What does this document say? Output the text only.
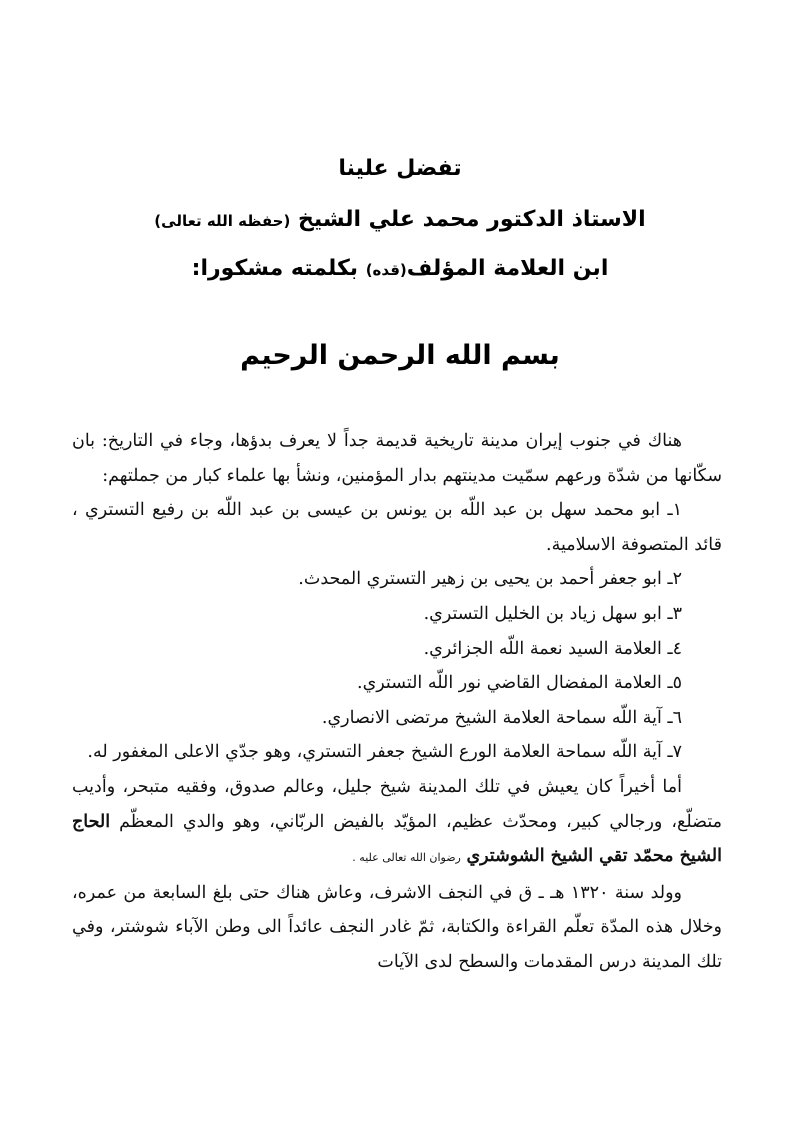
تفضل علينا
الاستاذ الدكتور محمد علي الشيخ (حفظه الله تعالى)
ابن العلامة المؤلف(قده) بكلمته مشكورا:
بسم الله الرحمن الرحيم

هناك في جنوب إيران مدينة تاريخية قديمة جداً لا يعرف بدؤها، وجاء في التاريخ: بان سكّانها من شدّة ورعهم سمّيت مدينتهم بدار المؤمنين، ونشأ بها علماء كبار من جملتهم:

١ـ ابو محمد سهل بن عبد اللّه بن يونس بن عيسى بن عبد اللّه بن رفيع التستري ، قائد المتصوفة الاسلامية.

٢ـ ابو جعفر أحمد بن يحيى بن زهير التستري المحدث.

٣ـ ابو سهل زياد بن الخليل التستري.

٤ـ العلامة السيد نعمة اللّه الجزائري.

٥ـ العلامة المفضال القاضي نور اللّه التستري.

٦ـ آية اللّه سماحة العلامة الشيخ مرتضى الانصاري.

٧ـ آية اللّه سماحة العلامة الورع الشيخ جعفر التستري، وهو جدّي الاعلى المغفور له.

أما أخيراً كان يعيش في تلك المدينة شيخ جليل، وعالم صدوق، وفقيه متبحر، وأديب متضلّع، ورجالي كبير، ومحدّث عظيم، المؤيّد بالفيض الربّاني، وهو والدي المعظّم الحاج الشيخ محمّد تقي الشيخ الشوشتري رضوان الله تعالى عليه .

وولد سنة ١٣٢٠ هـ ـ ق في النجف الاشرف، وعاش هناك حتى بلغ السابعة من عمره، وخلال هذه المدّة تعلّم القراءة والكتابة، ثمّ غادر النجف عائداً الى وطن الآباء شوشتر، وفي تلك المدينة درس المقدمات والسطح لدى الآيات
